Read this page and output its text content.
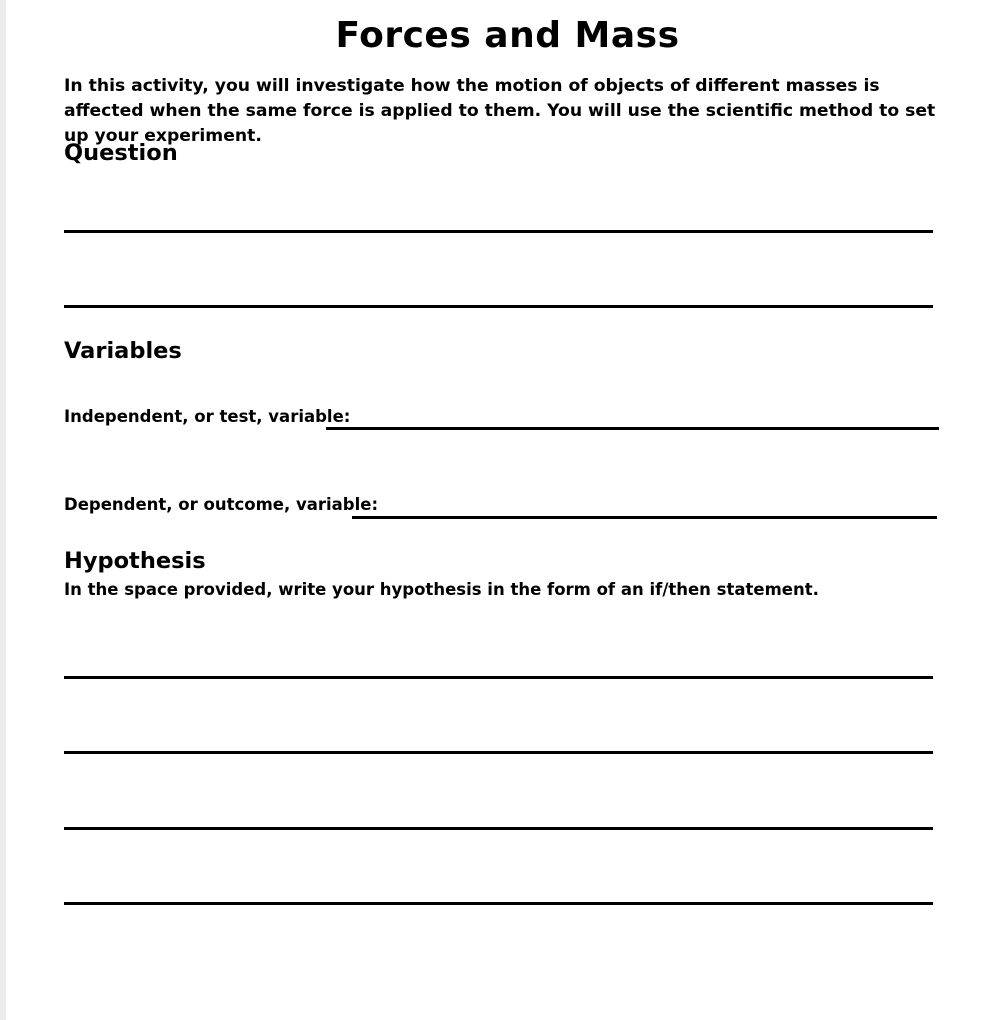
Forces and Mass

In this activity, you will investigate how the motion of objects of different masses is affected when the same force is applied to them. You will use the scientific method to set up your experiment.

Question
Variables
Independent, or test, variable:
Dependent, or outcome, variable:
Hypothesis

In the space provided, write your hypothesis in the form of an if/then statement.
